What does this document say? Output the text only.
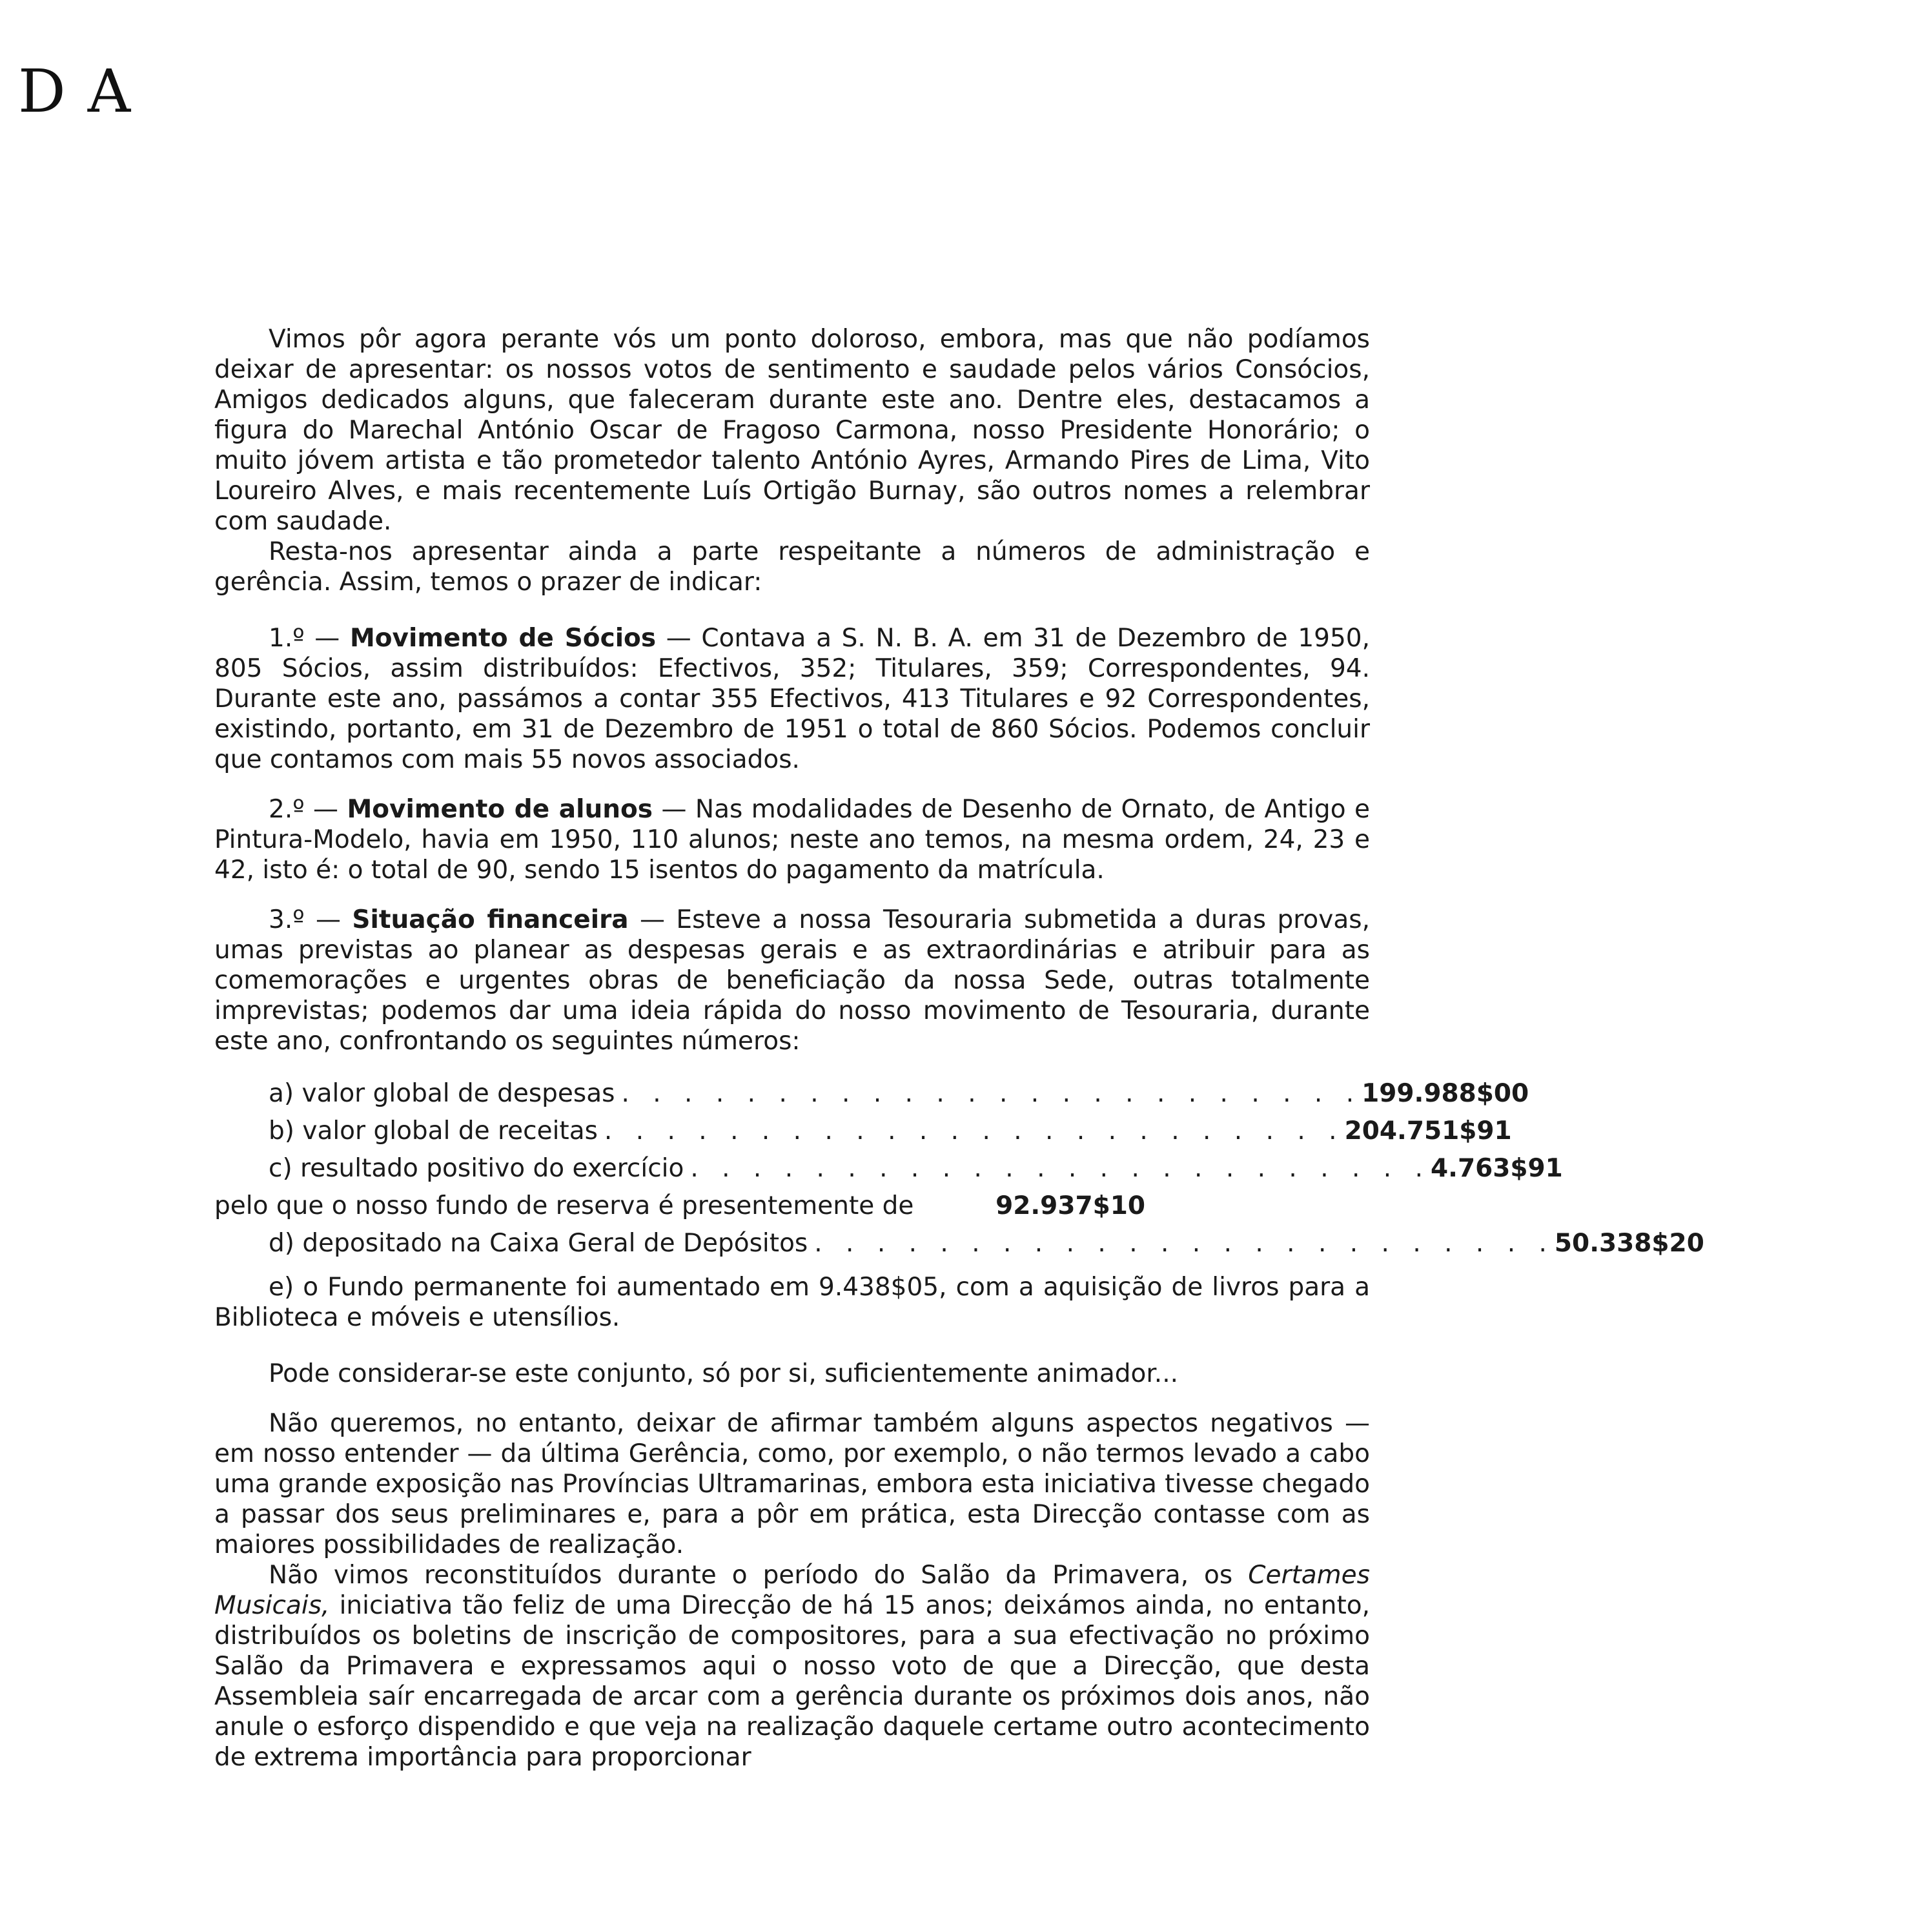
DA

Vimos pôr agora perante vós um ponto doloroso, embora, mas que não podíamos deixar de apresentar: os nossos votos de sentimento e saudade pelos vários Consócios, Amigos dedicados alguns, que faleceram durante este ano. Dentre eles, destacamos a figura do Marechal António Oscar de Fragoso Carmona, nosso Presidente Honorário; o muito jóvem artista e tão prometedor talento António Ayres, Armando Pires de Lima, Vito Loureiro Alves, e mais recentemente Luís Ortigão Burnay, são outros nomes a relembrar com saudade.

Resta-nos apresentar ainda a parte respeitante a números de administração e gerência. Assim, temos o prazer de indicar:

1.º — Movimento de Sócios — Contava a S. N. B. A. em 31 de Dezembro de 1950, 805 Sócios, assim distribuídos: Efectivos, 352; Titulares, 359; Correspondentes, 94. Durante este ano, passámos a contar 355 Efectivos, 413 Titulares e 92 Correspondentes, existindo, portanto, em 31 de Dezembro de 1951 o total de 860 Sócios. Podemos concluir que contamos com mais 55 novos associados.

2.º — Movimento de alunos — Nas modalidades de Desenho de Ornato, de Antigo e Pintura-Modelo, havia em 1950, 110 alunos; neste ano temos, na mesma ordem, 24, 23 e 42, isto é: o total de 90, sendo 15 isentos do pagamento da matrícula.

3.º — Situação financeira — Esteve a nossa Tesouraria submetida a duras provas, umas previstas ao planear as despesas gerais e as extraordinárias e atribuir para as comemorações e urgentes obras de beneficiação da nossa Sede, outras totalmente imprevistas; podemos dar uma ideia rápida do nosso movimento de Tesouraria, durante este ano, confrontando os seguintes números:

a) valor global de despesas . . . . . . . . . . . . . . . . . . . . . . . . 199.988$00
b) valor global de receitas . . . . . . . . . . . . . . . . . . . . . . . . 204.751$91
c) resultado positivo do exercício . . . . . . . . . . . . . . . . . . . . . . . . 4.763$91
pelo que o nosso fundo de reserva é presentemente de	92.937$10
d) depositado na Caixa Geral de Depósitos . . . . . . . . . . . . . . . . . . . . . . . . 50.338$20
e) o Fundo permanente foi aumentado em 9.438$05, com a aquisição de livros para a Biblioteca e móveis e utensílios.

Pode considerar-se este conjunto, só por si, suficientemente animador...

Não queremos, no entanto, deixar de afirmar também alguns aspectos negativos — em nosso entender — da última Gerência, como, por exemplo, o não termos levado a cabo uma grande exposição nas Províncias Ultramarinas, embora esta iniciativa tivesse chegado a passar dos seus preliminares e, para a pôr em prática, esta Direcção contasse com as maiores possibilidades de realização.

Não vimos reconstituídos durante o período do Salão da Primavera, os Certames Musicais, iniciativa tão feliz de uma Direcção de há 15 anos; deixámos ainda, no entanto, distribuídos os boletins de inscrição de compositores, para a sua efectivação no próximo Salão da Primavera e expressamos aqui o nosso voto de que a Direcção, que desta Assembleia saír encarregada de arcar com a gerência durante os próximos dois anos, não anule o esforço dispendido e que veja na realização daquele certame outro acontecimento de extrema importância para proporcionar
